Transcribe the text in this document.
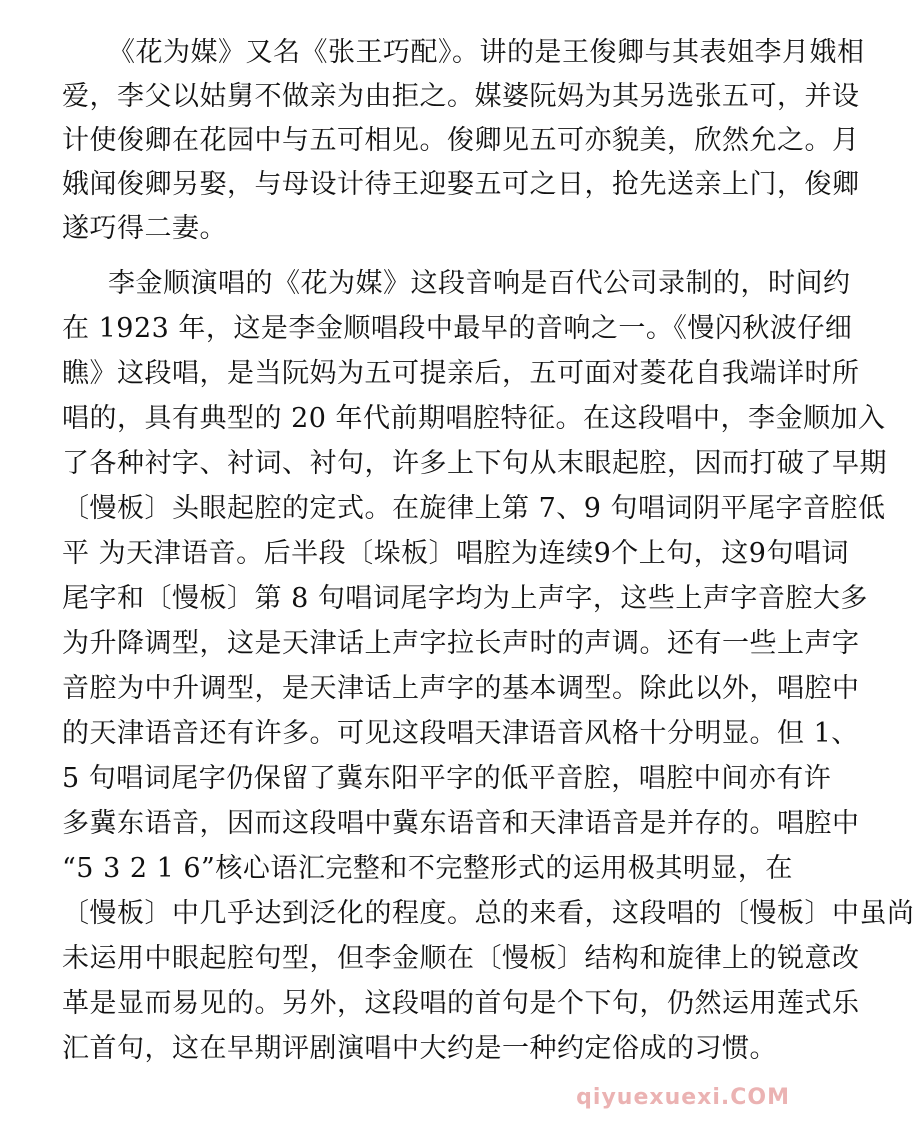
《花为媒》又名《张王巧配》。讲的是王俊卿与其表姐李月娥相
爱，李父以姑舅不做亲为由拒之。媒婆阮妈为其另选张五可，并设
计使俊卿在花园中与五可相见。俊卿见五可亦貌美，欣然允之。月
娥闻俊卿另娶，与母设计待王迎娶五可之日，抢先送亲上门，俊卿
遂巧得二妻。
李金顺演唱的《花为媒》这段音响是百代公司录制的，时间约
在 1923 年，这是李金顺唱段中最早的音响之一。《慢闪秋波仔细
瞧》这段唱，是当阮妈为五可提亲后，五可面对菱花自我端详时所
唱的，具有典型的 20 年代前期唱腔特征。在这段唱中，李金顺加入
了各种衬字、衬词、衬句，许多上下句从末眼起腔，因而打破了早期
〔慢板〕头眼起腔的定式。在旋律上第 7、9 句唱词阴平尾字音腔低
平 为天津语音。后半段〔垛板〕唱腔为连续9个上句，这9句唱词
尾字和〔慢板〕第 8 句唱词尾字均为上声字，这些上声字音腔大多
为升降调型，这是天津话上声字拉长声时的声调。还有一些上声字
音腔为中升调型，是天津话上声字的基本调型。除此以外，唱腔中
的天津语音还有许多。可见这段唱天津语音风格十分明显。但 1、
5 句唱词尾字仍保留了冀东阳平字的低平音腔，唱腔中间亦有许
多冀东语音，因而这段唱中冀东语音和天津语音是并存的。唱腔中
“5 3 2 1 6”核心语汇完整和不完整形式的运用极其明显，在
〔慢板〕中几乎达到泛化的程度。总的来看，这段唱的〔慢板〕中虽尚
未运用中眼起腔句型，但李金顺在〔慢板〕结构和旋律上的锐意改
革是显而易见的。另外，这段唱的首句是个下句，仍然运用莲式乐
汇首句，这在早期评剧演唱中大约是一种约定俗成的习惯。
qiyuexuexi.COM
